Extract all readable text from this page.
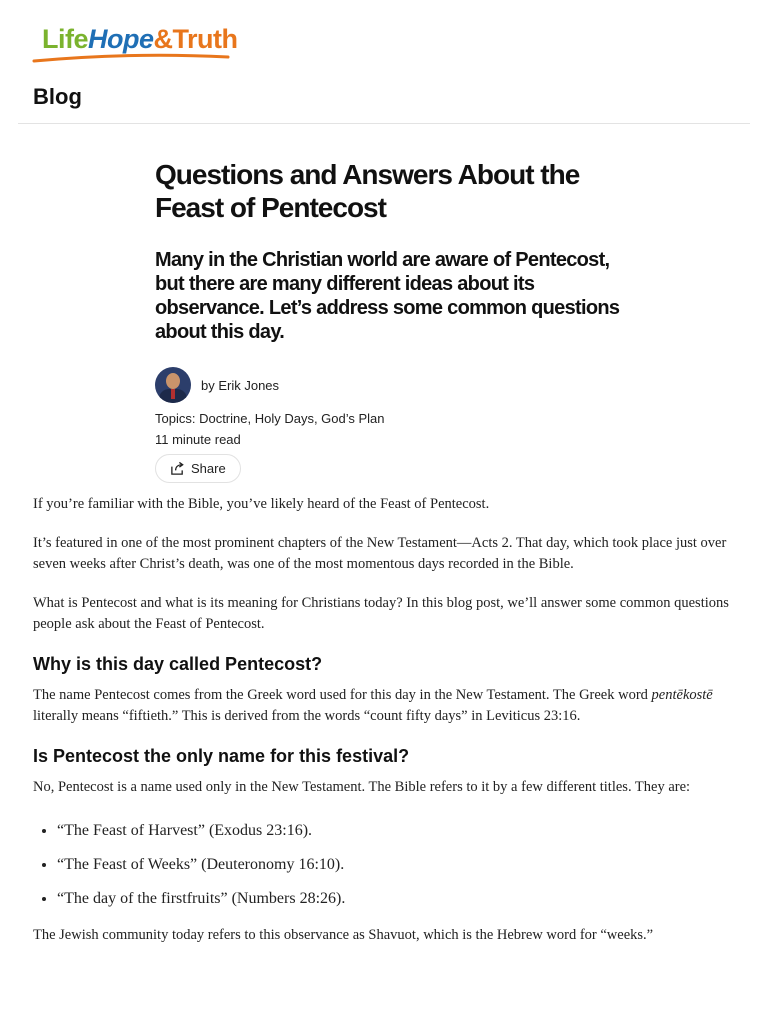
LifeHope&Truth
Blog
Questions and Answers About the Feast of Pentecost

Many in the Christian world are aware of Pentecost, but there are many different ideas about its observance. Let’s address some common questions about this day.

by Erik Jones
Topics: Doctrine, Holy Days, God’s Plan
11 minute read
Share

If you’re familiar with the Bible, you’ve likely heard of the Feast of Pentecost.

It’s featured in one of the most prominent chapters of the New Testament—Acts 2. That day, which took place just over seven weeks after Christ’s death, was one of the most momentous days recorded in the Bible.

What is Pentecost and what is its meaning for Christians today? In this blog post, we’ll answer some common questions people ask about the Feast of Pentecost.

Why is this day called Pentecost?

The name Pentecost comes from the Greek word used for this day in the New Testament. The Greek word pentēkostē literally means “fiftieth.” This is derived from the words “count fifty days” in Leviticus 23:16.

Is Pentecost the only name for this festival?

No, Pentecost is a name used only in the New Testament. The Bible refers to it by a few different titles. They are:

• “The Feast of Harvest” (Exodus 23:16).
• “The Feast of Weeks” (Deuteronomy 16:10).
• “The day of the firstfruits” (Numbers 28:26).

The Jewish community today refers to this observance as Shavuot, which is the Hebrew word for “weeks.”
